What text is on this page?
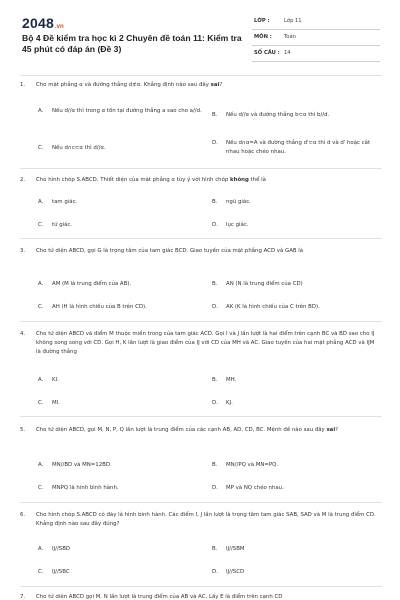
2048.vn
Bộ 4 Đề kiểm tra học kì 2 Chuyên đề toán 11: Kiểm tra 45 phút có đáp án (Đề 3)
LỚP :	Lớp 11
MÔN : Toán
SỐ CÂU : 14
1. Cho mặt phẳng α và đường thẳng d⊄α. Khẳng định nào sau đây sai?
A. Nếu d//α thì trong α tồn tại đường thẳng a sao cho a//d.
B. Nếu d//α và đường thẳng b⊂α thì b//d.
C. Nếu d∩c⊂α thì d//α.
D. Nếu d∩α=A và đường thẳng d'⊂α thì d và d' hoặc cắt nhau hoặc chéo nhau.
2. Cho hình chóp S.ABCD. Thiết diện của mặt phẳng α tùy ý với hình chóp không thể là
A. tam giác.	B. ngũ giác.
C. tứ giác.	D. lục giác.
3. Cho tứ diện ABCD, gọi G là trọng tâm của tam giác BCD. Giao tuyến của mặt phẳng ACD và GAB là
A. AM (M là trung điểm của AB).	B. AN (N là trung điểm của CD)
C. AH (H là hình chiếu của B trên CD).	D. AK (K là hình chiếu của C trên BD).
4. Cho tứ diện ABCD và điểm M thuộc miền trong của tam giác ACD. Gọi I và J lần lượt là hai điểm trên cạnh BC và BD sao cho IJ không song song với CD. Gọi H, K lần lượt là giao điểm của IJ với CD của MH và AC. Giao tuyến của hai mặt phẳng ACD và IJM là đường thẳng
A. KI.	B. MH.
C. MI.	D. KJ.
5. Cho tứ diện ABCD, gọi M, N, P, Q lần lượt là trung điểm của các cạnh AB, AD, CD, BC. Mệnh đề nào sau đây sai?
A. MN//BD và MN=12BD.	B. MN//PQ và MN=PQ.
C. MNPQ là hình bình hành.	D. MP và NQ chéo nhau.
6. Cho hình chóp S.ABCD có đáy là hình bình hành. Các điểm I, J lần lượt là trọng tâm tam giác SAB, SAD và M là trung điểm CD. Khẳng định nào sau đây đúng?
A. IJ//SBD	B. IJ//SBM
C. IJ//SBC	D. IJ//SCD
7. Cho tứ diện ABCD gọi M, N lần lượt là trung điểm của AB và AC. Lấy E là điểm trên cạnh CD
